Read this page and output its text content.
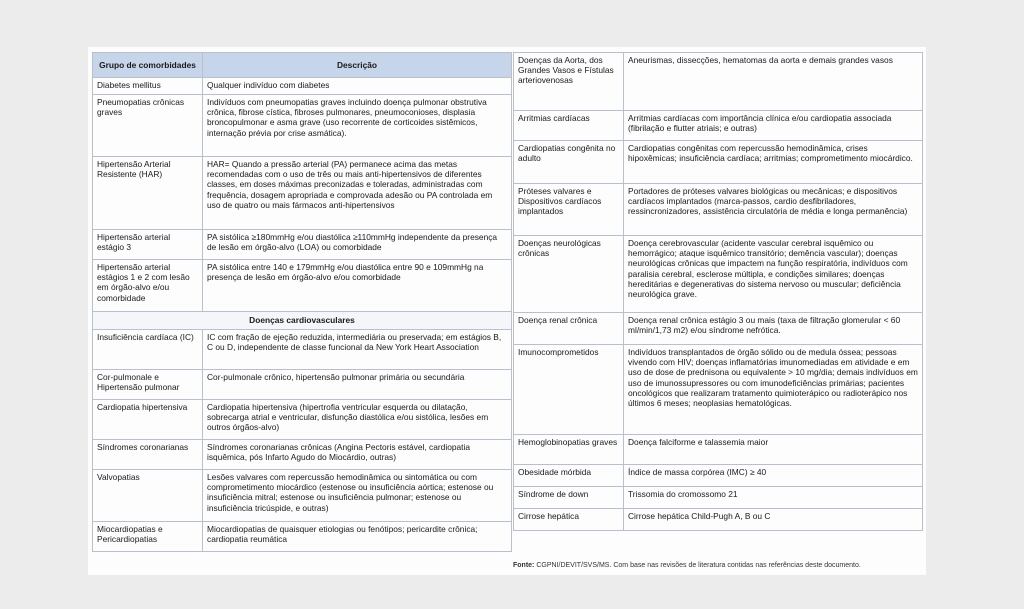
Grupo de comorbidades	Descrição
Diabetes mellitus	Qualquer indivíduo com diabetes
Pneumopatias crônicas graves	Indivíduos com pneumopatias graves incluindo doença pulmonar obstrutiva crônica, fibrose cística, fibroses pulmonares, pneumoconioses, displasia broncopulmonar e asma grave (uso recorrente de corticoides sistêmicos, internação prévia por crise asmática).
Hipertensão Arterial Resistente (HAR)	HAR= Quando a pressão arterial (PA) permanece acima das metas recomendadas com o uso de três ou mais anti-hipertensivos de diferentes classes, em doses máximas preconizadas e toleradas, administradas com frequência, dosagem apropriada e comprovada adesão ou PA controlada em uso de quatro ou mais fármacos anti-hipertensivos
Hipertensão arterial estágio 3	PA sistólica ≥180mmHg e/ou diastólica ≥110mmHg independente da presença de lesão em órgão-alvo (LOA) ou comorbidade
Hipertensão arterial estágios 1 e 2 com lesão em órgão-alvo e/ou comorbidade	PA sistólica entre 140 e 179mmHg e/ou diastólica entre 90 e 109mmHg na presença de lesão em órgão-alvo e/ou comorbidade
Doenças cardiovasculares	
Insuficiência cardíaca (IC)	IC com fração de ejeção reduzida, intermediária ou preservada; em estágios B, C ou D, independente de classe funcional da New York Heart Association
Cor-pulmonale e Hipertensão pulmonar	Cor-pulmonale crônico, hipertensão pulmonar primária ou secundária
Cardiopatia hipertensiva	Cardiopatia hipertensiva (hipertrofia ventricular esquerda ou dilatação, sobrecarga atrial e ventricular, disfunção diastólica e/ou sistólica, lesões em outros órgãos-alvo)
Síndromes coronarianas	Síndromes coronarianas crônicas (Angina Pectoris estável, cardiopatia isquêmica, pós Infarto Agudo do Miocárdio, outras)
Valvopatias	Lesões valvares com repercussão hemodinâmica ou sintomática ou com comprometimento miocárdico (estenose ou insuficiência aórtica; estenose ou insuficiência mitral; estenose ou insuficiência pulmonar; estenose ou insuficiência tricúspide, e outras)
Miocardiopatias e Pericardiopatias	Miocardiopatias de quaisquer etiologias ou fenótipos; pericardite crônica; cardiopatia reumática
Doenças da Aorta, dos Grandes Vasos e Fístulas arteriovenosas	Aneurismas, dissecções, hematomas da aorta e demais grandes vasos
Arritmias cardíacas	Arritmias cardíacas com importância clínica e/ou cardiopatia associada (fibrilação e flutter atriais; e outras)
Cardiopatias congênita no adulto	Cardiopatias congênitas com repercussão hemodinâmica, crises hipoxêmicas; insuficiência cardíaca; arritmias; comprometimento miocárdico.
Próteses valvares e Dispositivos cardíacos implantados	Portadores de próteses valvares biológicas ou mecânicas; e dispositivos cardíacos implantados (marca-passos, cardio desfibriladores, ressincronizadores, assistência circulatória de média e longa permanência)
Doenças neurológicas crônicas	Doença cerebrovascular (acidente vascular cerebral isquêmico ou hemorrágico; ataque isquêmico transitório; demência vascular); doenças neurológicas crônicas que impactem na função respiratória, indivíduos com paralisia cerebral, esclerose múltipla, e condições similares; doenças hereditárias e degenerativas do sistema nervoso ou muscular; deficiência neurológica grave.
Doença renal crônica	Doença renal crônica estágio 3 ou mais (taxa de filtração glomerular < 60 ml/min/1,73 m2) e/ou síndrome nefrótica.
Imunocomprometidos	Indivíduos transplantados de órgão sólido ou de medula óssea; pessoas vivendo com HIV; doenças inflamatórias imunomediadas em atividade e em uso de dose de prednisona ou equivalente > 10 mg/dia; demais indivíduos em uso de imunossupressores ou com imunodeficiências primárias; pacientes oncológicos que realizaram tratamento quimioterápico ou radioterápico nos últimos 6 meses; neoplasias hematológicas.
Hemoglobinopatias graves	Doença falciforme e talassemia maior
Obesidade mórbida	Índice de massa corpórea (IMC) ≥ 40
Síndrome de down	Trissomia do cromossomo 21
Cirrose hepática	Cirrose hepática Child-Pugh A, B ou C
Fonte: CGPNI/DEVIT/SVS/MS. Com base nas revisões de literatura contidas nas referências deste documento.
